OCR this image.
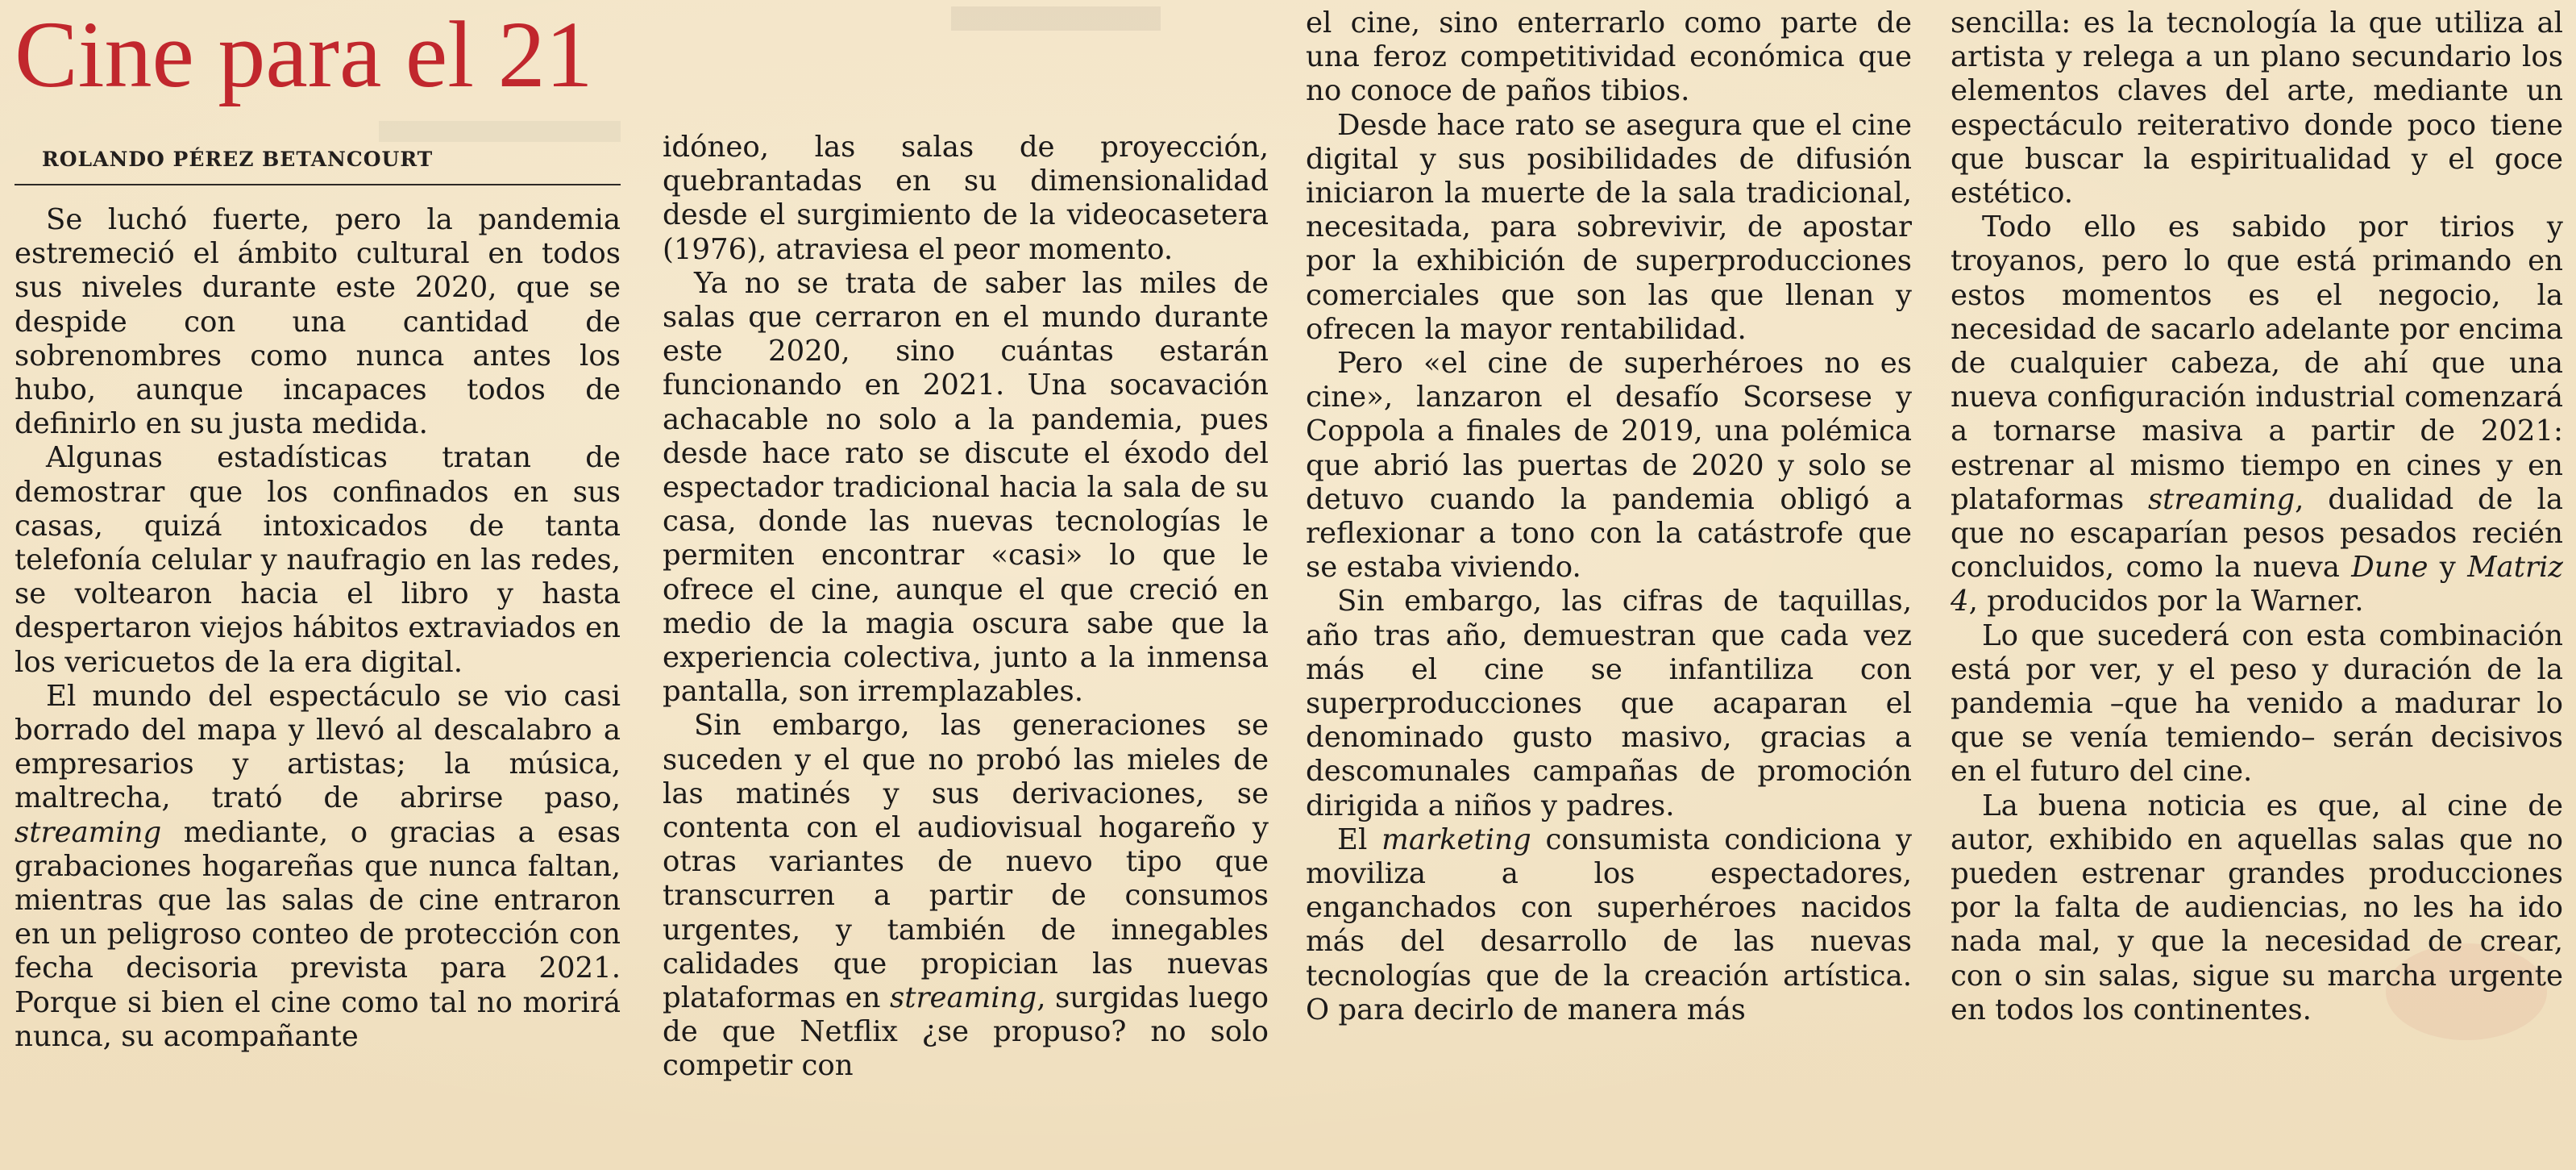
Cine para el 21
ROLANDO PÉREZ BETANCOURT

Se luchó fuerte, pero la pandemia estremeció el ámbito cultural en todos sus niveles durante este 2020, que se despide con una cantidad de sobrenombres como nunca antes los hubo, aunque incapaces todos de definirlo en su justa medida.

Algunas estadísticas tratan de demostrar que los confinados en sus casas, quizá intoxicados de tanta telefonía celular y naufragio en las redes, se voltearon hacia el libro y hasta despertaron viejos hábitos extraviados en los vericuetos de la era digital.

El mundo del espectáculo se vio casi borrado del mapa y llevó al descalabro a empresarios y artistas; la música, maltrecha, trató de abrirse paso, streaming mediante, o gracias a esas grabaciones hogareñas que nunca faltan, mientras que las salas de cine entraron en un peligroso conteo de protección con fecha decisoria prevista para 2021. Porque si bien el cine como tal no morirá nunca, su acompañante

idóneo, las salas de proyección, quebrantadas en su dimensionalidad desde el surgimiento de la videocasetera (1976), atraviesa el peor momento.

Ya no se trata de saber las miles de salas que cerraron en el mundo durante este 2020, sino cuántas estarán funcionando en 2021. Una socavación achacable no solo a la pandemia, pues desde hace rato se discute el éxodo del espectador tradicional hacia la sala de su casa, donde las nuevas tecnologías le permiten encontrar «casi» lo que le ofrece el cine, aunque el que creció en medio de la magia oscura sabe que la experiencia colectiva, junto a la inmensa pantalla, son irremplazables.

Sin embargo, las generaciones se suceden y el que no probó las mieles de las matinés y sus derivaciones, se contenta con el audiovisual hogareño y otras variantes de nuevo tipo que transcurren a partir de consumos urgentes, y también de innegables calidades que propician las nuevas plataformas en streaming, surgidas luego de que Netflix ¿se propuso? no solo competir con

el cine, sino enterrarlo como parte de una feroz competitividad económica que no conoce de paños tibios.

Desde hace rato se asegura que el cine digital y sus posibilidades de difusión iniciaron la muerte de la sala tradicional, necesitada, para sobrevivir, de apostar por la exhibición de superproducciones comerciales que son las que llenan y ofrecen la mayor rentabilidad.

Pero «el cine de superhéroes no es cine», lanzaron el desafío Scorsese y Coppola a finales de 2019, una polémica que abrió las puertas de 2020 y solo se detuvo cuando la pandemia obligó a reflexionar a tono con la catástrofe que se estaba viviendo.

Sin embargo, las cifras de taquillas, año tras año, demuestran que cada vez más el cine se infantiliza con superproducciones que acaparan el denominado gusto masivo, gracias a descomunales campañas de promoción dirigida a niños y padres.

El marketing consumista condiciona y moviliza a los espectadores, enganchados con superhéroes nacidos más del desarrollo de las nuevas tecnologías que de la creación artística. O para decirlo de manera más

sencilla: es la tecnología la que utiliza al artista y relega a un plano secundario los elementos claves del arte, mediante un espectáculo reiterativo donde poco tiene que buscar la espiritualidad y el goce estético.

Todo ello es sabido por tirios y troyanos, pero lo que está primando en estos momentos es el negocio, la necesidad de sacarlo adelante por encima de cualquier cabeza, de ahí que una nueva configuración industrial comenzará a tornarse masiva a partir de 2021: estrenar al mismo tiempo en cines y en plataformas streaming, dualidad de la que no escaparían pesos pesados recién concluidos, como la nueva Dune y Matriz 4, producidos por la Warner.

Lo que sucederá con esta combinación está por ver, y el peso y duración de la pandemia –que ha venido a madurar lo que se venía temiendo– serán decisivos en el futuro del cine.

La buena noticia es que, al cine de autor, exhibido en aquellas salas que no pueden estrenar grandes producciones por la falta de audiencias, no les ha ido nada mal, y que la necesidad de crear, con o sin salas, sigue su marcha urgente en todos los continentes.
